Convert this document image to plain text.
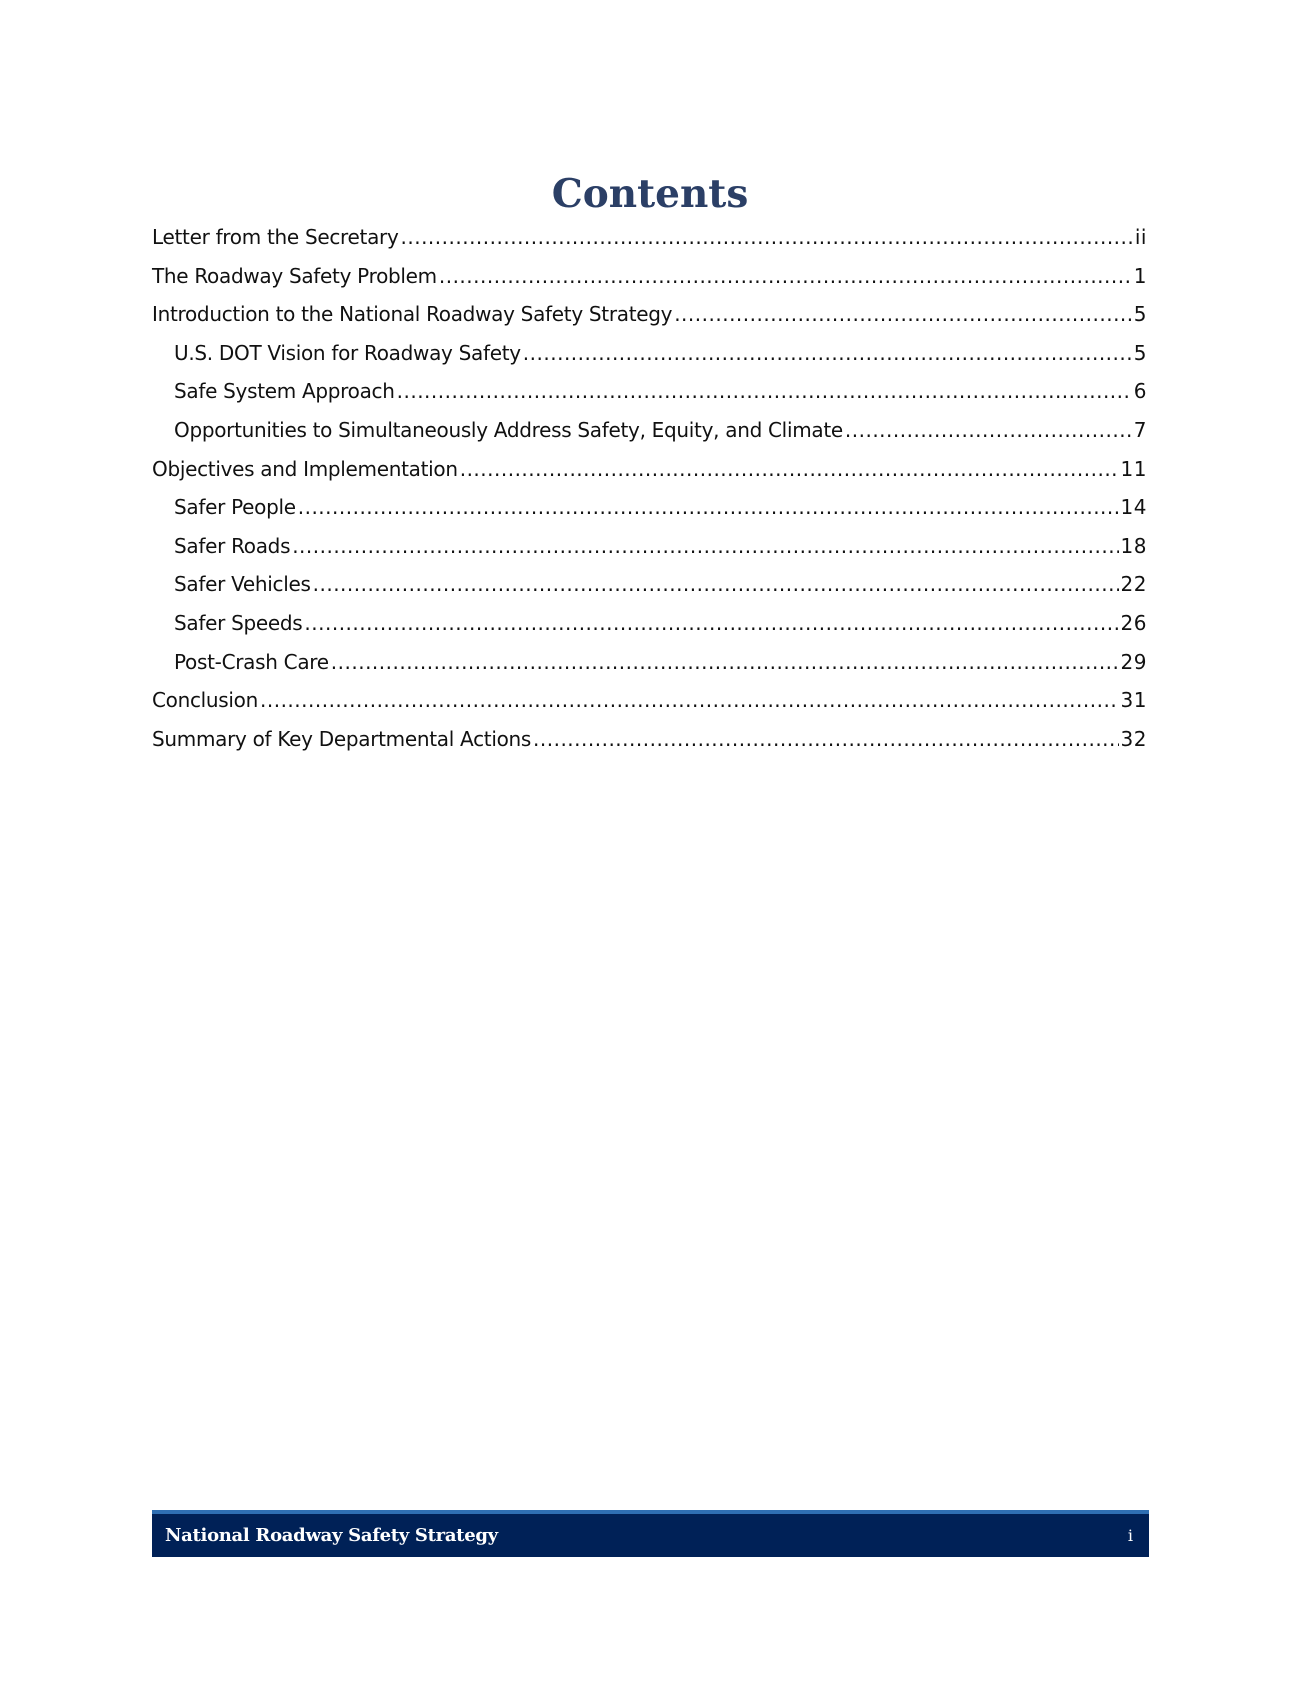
Contents
Letter from the Secretary .....	ii
The Roadway Safety Problem .....	1
Introduction to the National Roadway Safety Strategy .....	5
U.S. DOT Vision for Roadway Safety .....	5
Safe System Approach .....	6
Opportunities to Simultaneously Address Safety, Equity, and Climate .....	7
Objectives and Implementation .....	11
Safer People .....	14
Safer Roads .....	18
Safer Vehicles .....	22
Safer Speeds .....	26
Post-Crash Care .....	29
Conclusion .....	31
Summary of Key Departmental Actions .....	32
National Roadway Safety Strategy	i
